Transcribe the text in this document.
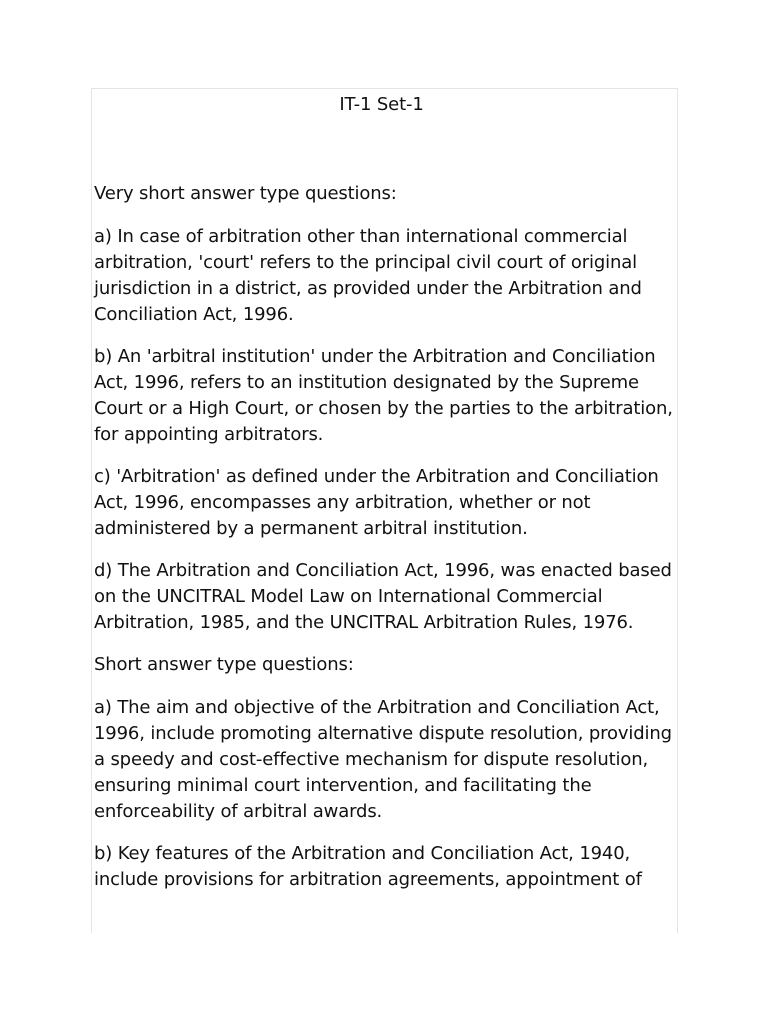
IT-1 Set-1

Very short answer type questions:

a) In case of arbitration other than international commercial arbitration, 'court' refers to the principal civil court of original jurisdiction in a district, as provided under the Arbitration and Conciliation Act, 1996.

b) An 'arbitral institution' under the Arbitration and Conciliation Act, 1996, refers to an institution designated by the Supreme Court or a High Court, or chosen by the parties to the arbitration, for appointing arbitrators.

c) 'Arbitration' as defined under the Arbitration and Conciliation Act, 1996, encompasses any arbitration, whether or not administered by a permanent arbitral institution.

d) The Arbitration and Conciliation Act, 1996, was enacted based on the UNCITRAL Model Law on International Commercial Arbitration, 1985, and the UNCITRAL Arbitration Rules, 1976.

Short answer type questions:

a) The aim and objective of the Arbitration and Conciliation Act, 1996, include promoting alternative dispute resolution, providing a speedy and cost-effective mechanism for dispute resolution, ensuring minimal court intervention, and facilitating the enforceability of arbitral awards.

b) Key features of the Arbitration and Conciliation Act, 1940, include provisions for arbitration agreements, appointment of
